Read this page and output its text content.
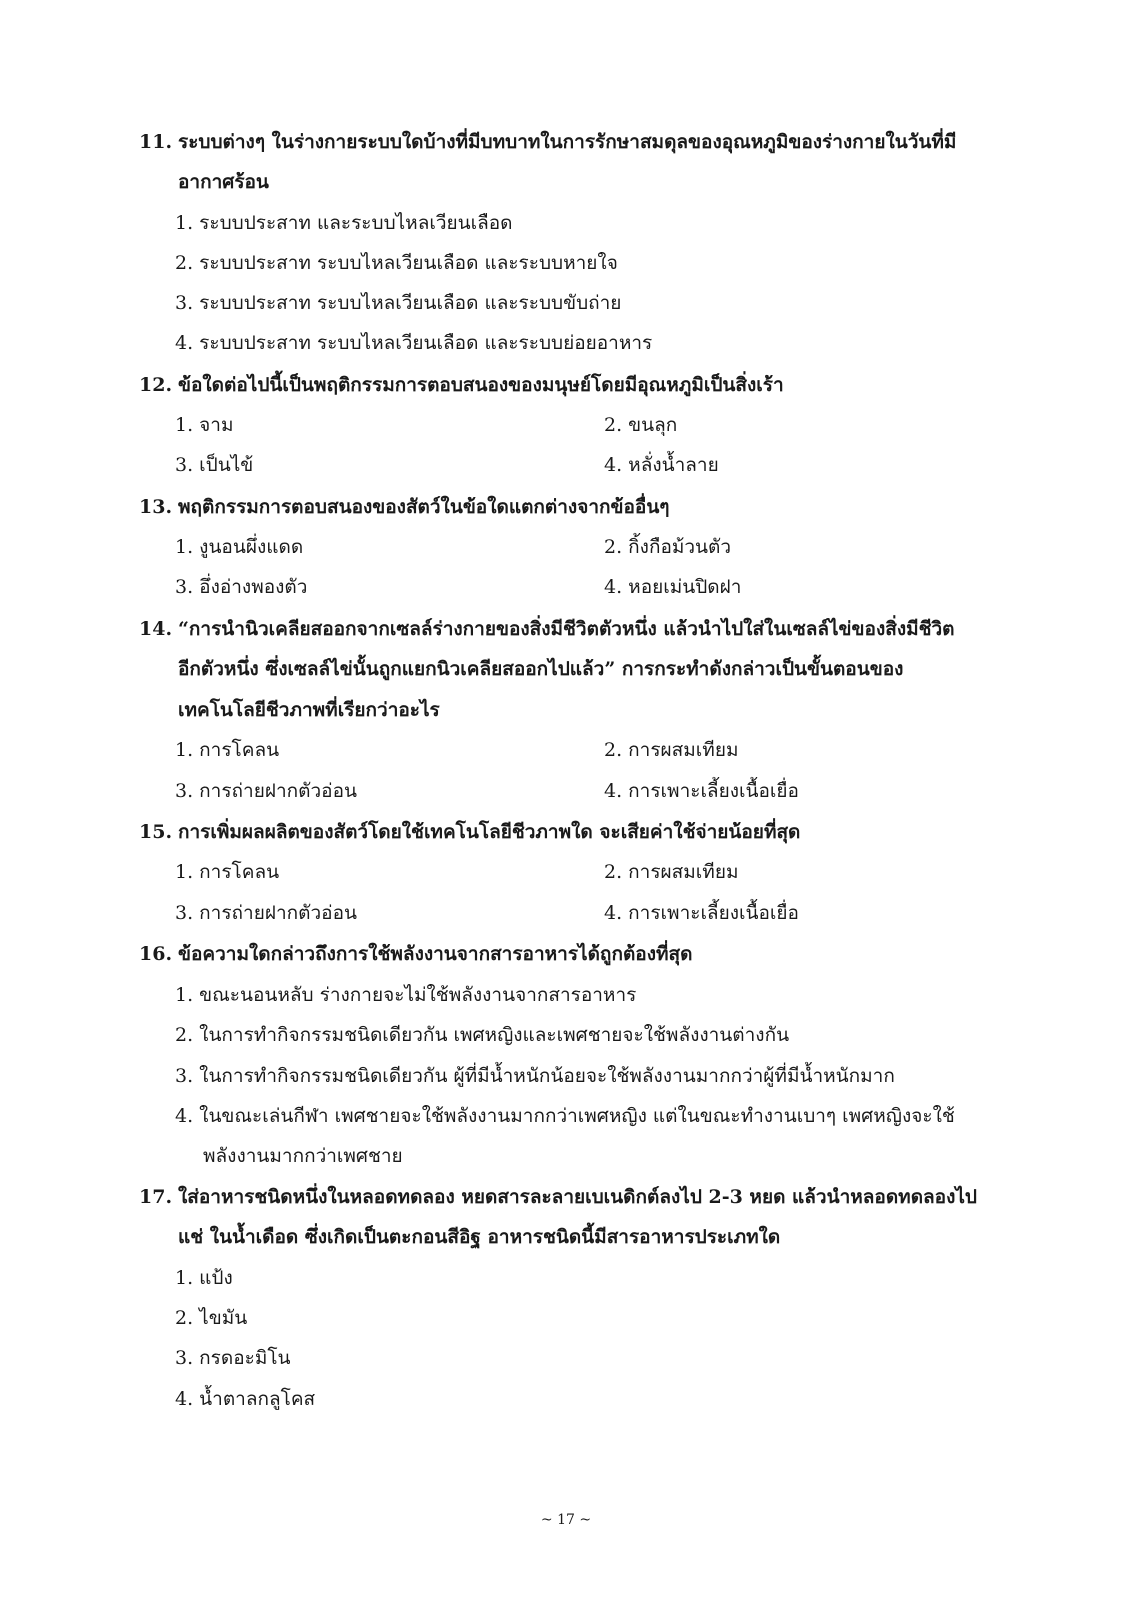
11. ระบบต่างๆ ในร่างกายระบบใดบ้างที่มีบทบาทในการรักษาสมดุลของอุณหภูมิของร่างกายในวันที่มี
อากาศร้อน
1. ระบบประสาท และระบบไหลเวียนเลือด
2. ระบบประสาท ระบบไหลเวียนเลือด และระบบหายใจ
3. ระบบประสาท ระบบไหลเวียนเลือด และระบบขับถ่าย
4. ระบบประสาท ระบบไหลเวียนเลือด และระบบย่อยอาหาร
12. ข้อใดต่อไปนี้เป็นพฤติกรรมการตอบสนองของมนุษย์โดยมีอุณหภูมิเป็นสิ่งเร้า
1. จาม	2. ขนลุก
3. เป็นไข้	4. หลั่งน้ำลาย
13. พฤติกรรมการตอบสนองของสัตว์ในข้อใดแตกต่างจากข้ออื่นๆ
1. งูนอนผึ่งแดด	2. กิ้งกือม้วนตัว
3. อึ่งอ่างพองตัว	4. หอยเม่นปิดฝา
14. “การนำนิวเคลียสออกจากเซลล์ร่างกายของสิ่งมีชีวิตตัวหนึ่ง แล้วนำไปใส่ในเซลล์ไข่ของสิ่งมีชีวิต
อีกตัวหนึ่ง ซึ่งเซลล์ไข่นั้นถูกแยกนิวเคลียสออกไปแล้ว” การกระทำดังกล่าวเป็นขั้นตอนของ
เทคโนโลยีชีวภาพที่เรียกว่าอะไร
1. การโคลน	2. การผสมเทียม
3. การถ่ายฝากตัวอ่อน	4. การเพาะเลี้ยงเนื้อเยื่อ
15. การเพิ่มผลผลิตของสัตว์โดยใช้เทคโนโลยีชีวภาพใด จะเสียค่าใช้จ่ายน้อยที่สุด
1. การโคลน	2. การผสมเทียม
3. การถ่ายฝากตัวอ่อน	4. การเพาะเลี้ยงเนื้อเยื่อ
16. ข้อความใดกล่าวถึงการใช้พลังงานจากสารอาหารได้ถูกต้องที่สุด
1. ขณะนอนหลับ ร่างกายจะไม่ใช้พลังงานจากสารอาหาร
2. ในการทำกิจกรรมชนิดเดียวกัน เพศหญิงและเพศชายจะใช้พลังงานต่างกัน
3. ในการทำกิจกรรมชนิดเดียวกัน ผู้ที่มีน้ำหนักน้อยจะใช้พลังงานมากกว่าผู้ที่มีน้ำหนักมาก
4. ในขณะเล่นกีฬา เพศชายจะใช้พลังงานมากกว่าเพศหญิง แต่ในขณะทำงานเบาๆ เพศหญิงจะใช้
พลังงานมากกว่าเพศชาย
17. ใส่อาหารชนิดหนึ่งในหลอดทดลอง หยดสารละลายเบเนดิกต์ลงไป 2-3 หยด แล้วนำหลอดทดลองไป
แช่ ในน้ำเดือด ซึ่งเกิดเป็นตะกอนสีอิฐ อาหารชนิดนี้มีสารอาหารประเภทใด
1. แป้ง
2. ไขมัน
3. กรดอะมิโน
4. น้ำตาลกลูโคส
~ 17 ~
